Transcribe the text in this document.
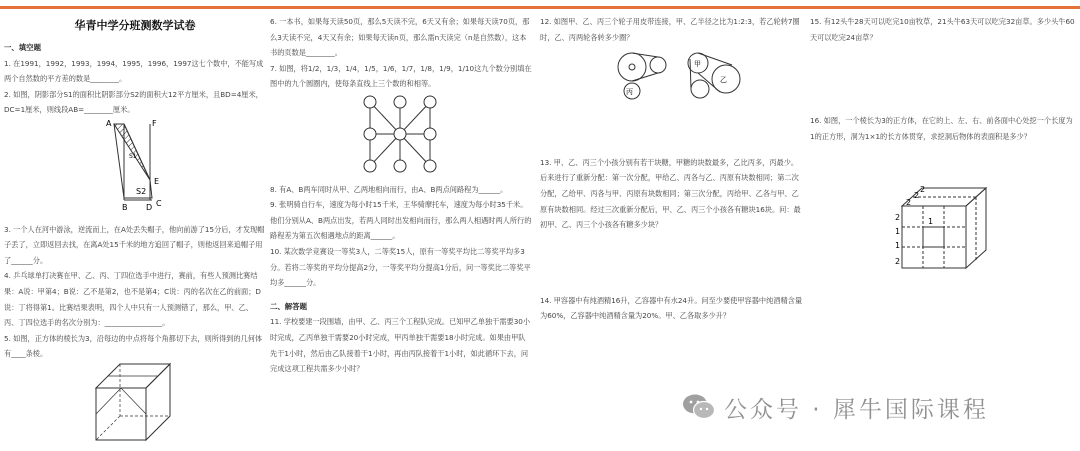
华青中学分班测数学试卷
一、填空题

1. 在1991，1992，1993，1994，1995，1996，1997这七个数中，不能写成两个自然数的平方差的数是________。

2. 如图，阴影部分S1的面积比阴影部分S2的面积大12平方厘米，且BD=4厘米，DC=1厘米，则线段AB=________厘米。

A	F
E
S1
S2
B D C

3. 一个人在河中游泳，逆流而上，在A处丢失帽子，他向前游了15分后，才发现帽子丢了，立即返回去找，在离A处15千米的地方追回了帽子，则他返回来追帽子用了______分。

4. 乒乓球单打决赛在甲、乙、丙、丁四位选手中进行，赛前，有些人预测比赛结果：A说：甲第4；B说：乙不是第2，也不是第4；C说：丙的名次在乙的前面；D说：丁将得第1。比赛结果表明，四个人中只有一人预测错了，那么，甲、乙、丙、丁四位选手的名次分别为：________________。

5. 如图，正方体的棱长为3，沿每边的中点将每个角都切下去，则所得到的几何体有____条棱。

6. 一本书，如果每天读50页，那么5天读不完，6天又有余；如果每天读70页，那么3天读不完，4天又有余；如果每天读n页，那么需n天读完（n是自然数），这本书的页数是________。

7. 如图，将1/2，1/3，1/4，1/5，1/6，1/7，1/8，1/9，1/10这九个数分别填在图中的九个圆圈内，使每条直线上三个数的和相等。

8. 有A、B两车同时从甲、乙两地相向而行，由A、B两点间路程为______。

9. 张明骑自行车，速度为每小时15千米，王华骑摩托车，速度为每小时35千米。他们分别从A、B两点出发，若两人同时出发相向而行，那么两人相遇时两人所行的路程差为第五次相遇地点的距离______。

10. 某次数学竞赛设一等奖3人，二等奖15人，原有一等奖平均比二等奖平均多3分。若将二等奖的平均分提高2分，一等奖平均分提高1分后，问一等奖比二等奖平均多______分。

二、解答题

11. 学校要建一段围墙，由甲、乙、丙三个工程队完成。已知甲乙单独干需要30小时完成，乙丙单独干需要20小时完成，甲丙单独干需要18小时完成。如果由甲队先干1小时，然后由乙队接着干1小时，再由丙队接着干1小时，如此循环下去，问完成这项工程共需多少小时？

12. 如图甲、乙、丙三个轮子用皮带连接，甲、乙半径之比为1:2:3，若乙轮转7圈时，乙、丙两轮各转多少圈？

甲
乙
丙

13. 甲、乙、丙三个小孩分别有若干块糖，甲糖的块数最多，乙比丙多，丙最少。后来进行了重新分配：第一次分配，甲给乙、丙各与乙、丙原有块数相同；第二次分配，乙给甲、丙各与甲、丙原有块数相同；第三次分配，丙给甲、乙各与甲、乙原有块数相同。经过三次重新分配后，甲、乙、丙三个小孩各有糖块16块。问：最初甲、乙、丙三个小孩各有糖多少块？

14. 甲容器中有纯酒精16升，乙容器中有水24升。问至少要使甲容器中纯酒精含量为60%，乙容器中纯酒精含量为20%。甲、乙各取多少升？

15. 有12头牛28天可以吃完10亩牧草，21头牛63天可以吃完32亩草。多少头牛60天可以吃完24亩草？

16. 如图，一个棱长为3的正方体，在它的上、左、右、前各面中心处挖一个长度为1的正方形，洞为1×1的长方体贯穿，求挖洞后物体的表面积是多少？

2
2
2
1
1
1
2
2
公众号 · 犀牛国际课程
